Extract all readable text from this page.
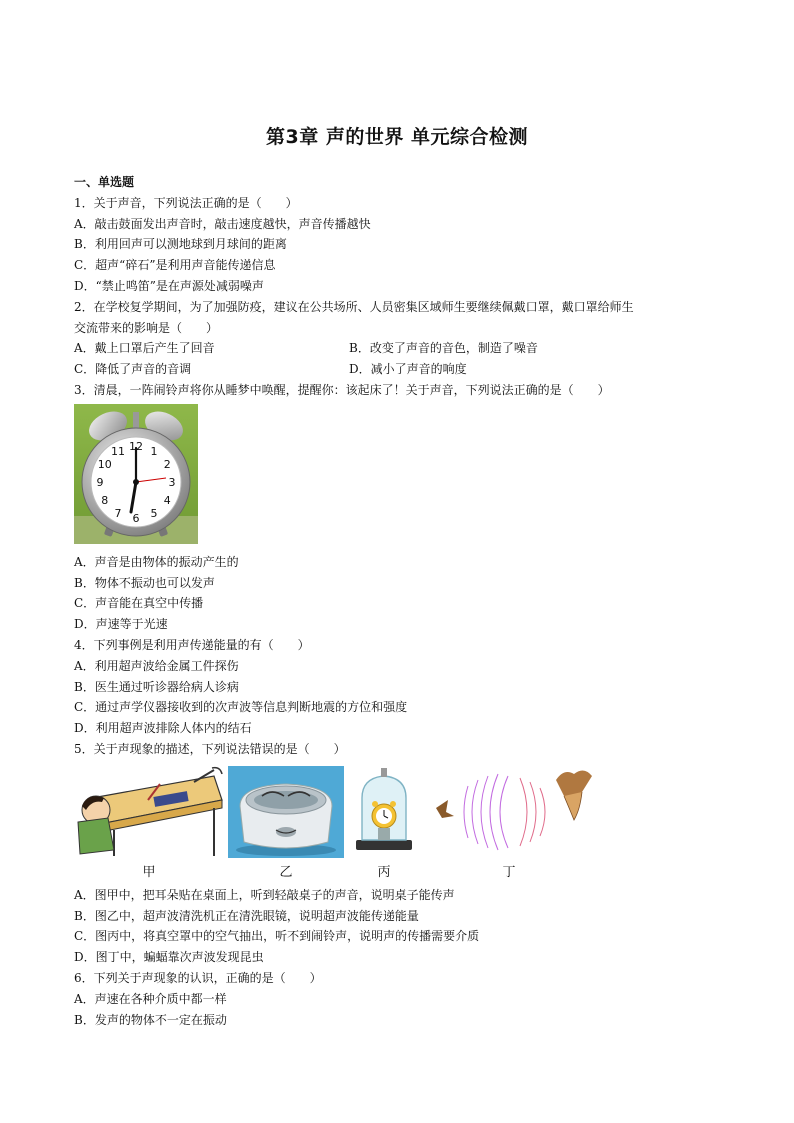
第3章 声的世界 单元综合检测
一、单选题
1．关于声音，下列说法正确的是（　　）
A．敲击鼓面发出声音时，敲击速度越快，声音传播越快
B．利用回声可以测地球到月球间的距离
C．超声“碎石”是利用声音能传递信息
D．“禁止鸣笛”是在声源处减弱噪声
2．在学校复学期间，为了加强防疫，建议在公共场所、人员密集区域师生要继续佩戴口罩，戴口罩给师生
交流带来的影响是（　　）
A．戴上口罩后产生了回音	B．改变了声音的音色，制造了噪音
C．降低了声音的音调	D．减小了声音的响度
3．清晨，一阵闹铃声将你从睡梦中唤醒，提醒你：该起床了！关于声音，下列说法正确的是（　　）
12 1
2
3
4
5
6
7
8
9
10
11
A．声音是由物体的振动产生的
B．物体不振动也可以发声
C．声音能在真空中传播
D．声速等于光速
4．下列事例是利用声传递能量的有（　　）
A．利用超声波给金属工件探伤
B．医生通过听诊器给病人诊病
C．通过声学仪器接收到的次声波等信息判断地震的方位和强度
D．利用超声波排除人体内的结石
5．关于声现象的描述，下列说法错误的是（　　）
甲	乙	丙	丁
A．图甲中，把耳朵贴在桌面上，听到轻敲桌子的声音，说明桌子能传声
B．图乙中，超声波清洗机正在清洗眼镜，说明超声波能传递能量
C．图丙中，将真空罩中的空气抽出，听不到闹铃声，说明声的传播需要介质
D．图丁中，蝙蝠靠次声波发现昆虫
6．下列关于声现象的认识，正确的是（　　）
A．声速在各种介质中都一样
B．发声的物体不一定在振动
